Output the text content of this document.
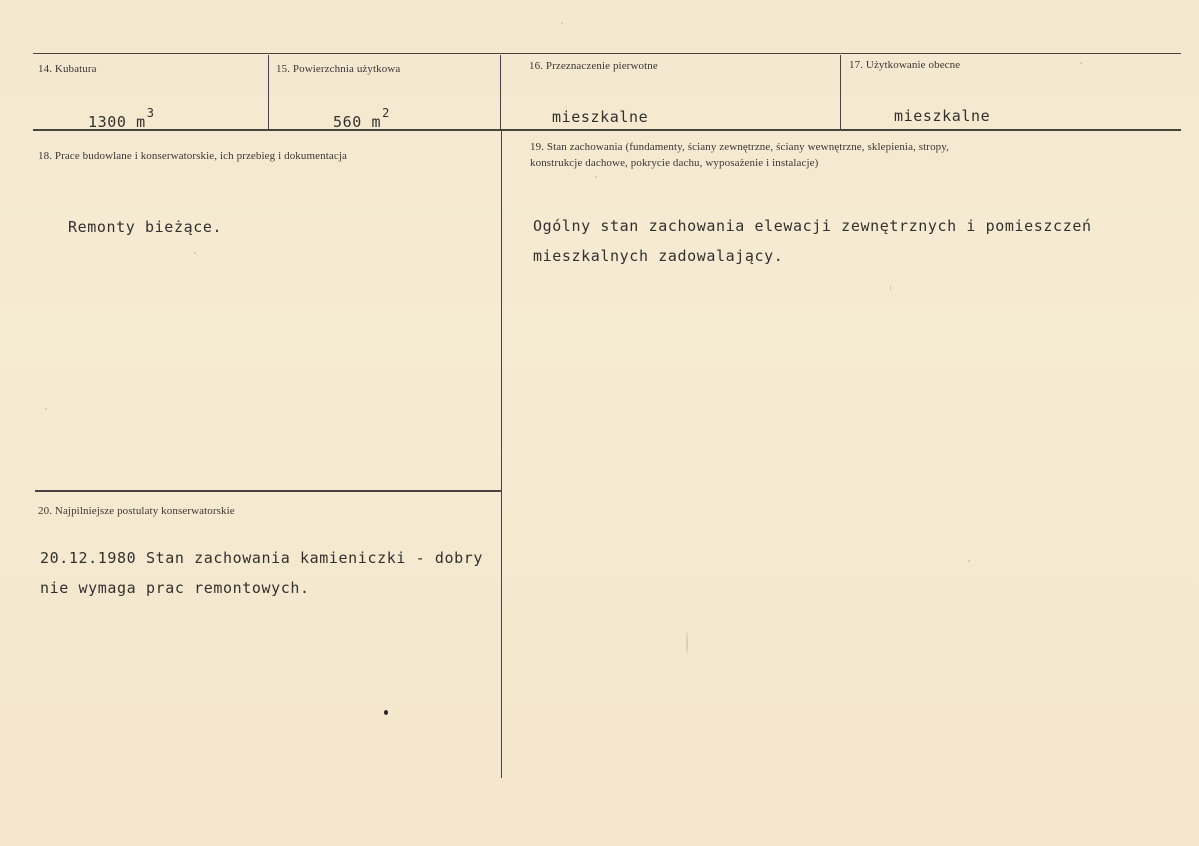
14. Kubatura
1300 $m^3$
15. Powierzchnia użytkowa
560 $m^2$
16. Przeznaczenie pierwotne
mieszkalne
17. Użytkowanie obecne
mieszkalne
18. Prace budowlane i konserwatorskie, ich przebieg i dokumentacja
Remonty bieżące.
19. Stan zachowania (fundamenty, ściany zewnętrzne, ściany wewnętrzne, sklepienia, stropy,
konstrukcje dachowe, pokrycie dachu, wyposażenie i instalacje)
Ogólny stan zachowania elewacji zewnętrznych i pomieszczeń
mieszkalnych zadowalający.
20. Najpilniejsze postulaty konserwatorskie
20.12.1980 Stan zachowania kamieniczki - dobry
nie wymaga prac remontowych.
